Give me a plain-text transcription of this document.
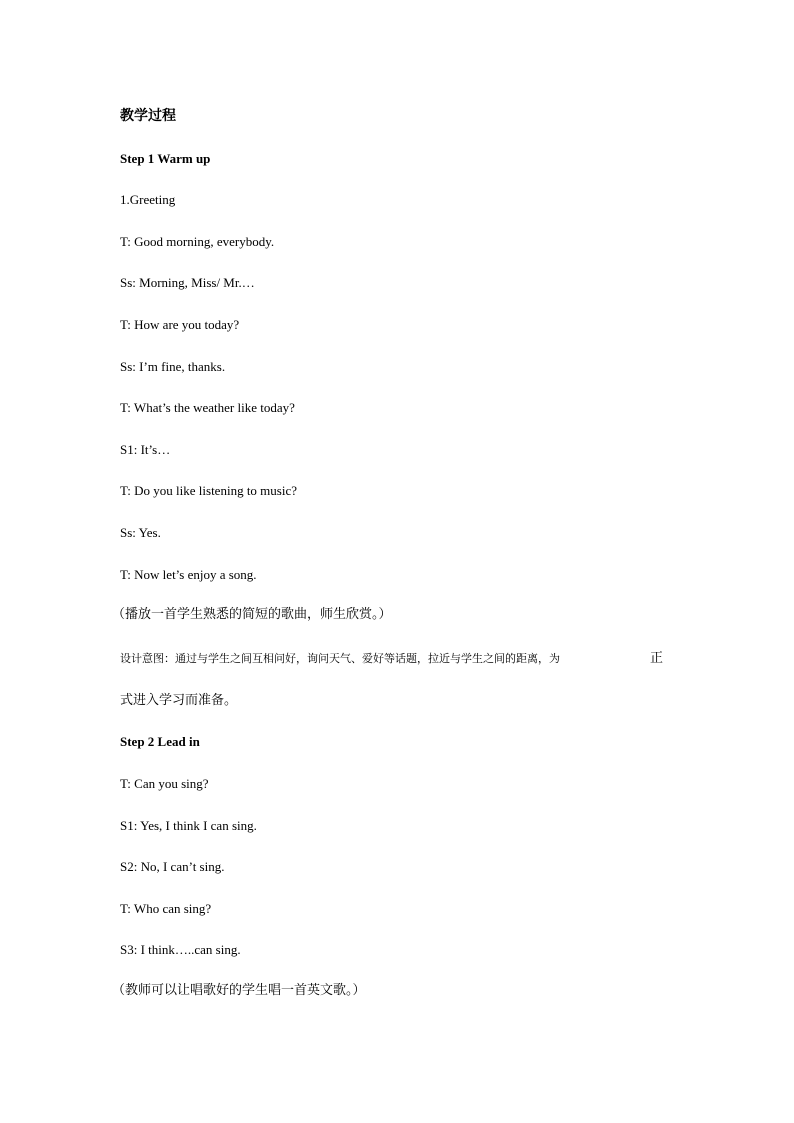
教学过程
Step 1 Warm up
1.Greeting
T: Good morning, everybody.
Ss: Morning, Miss/ Mr.…
T: How are you today?
Ss: I’m fine, thanks.
T: What’s the weather like today?
S1: It’s…
T: Do you like listening to music?
Ss: Yes.
T: Now let’s enjoy a song.
（播放一首学生熟悉的简短的歌曲，师生欣赏。）
设计意图：通过与学生之间互相问好，询问天气、爱好等话题，拉近与学生之间的距离，为	正
式进入学习而准备。
Step 2 Lead in
T: Can you sing?
S1: Yes, I think I can sing.
S2: No, I can’t sing.
T: Who can sing?
S3: I think…..can sing.
（教师可以让唱歌好的学生唱一首英文歌。）
